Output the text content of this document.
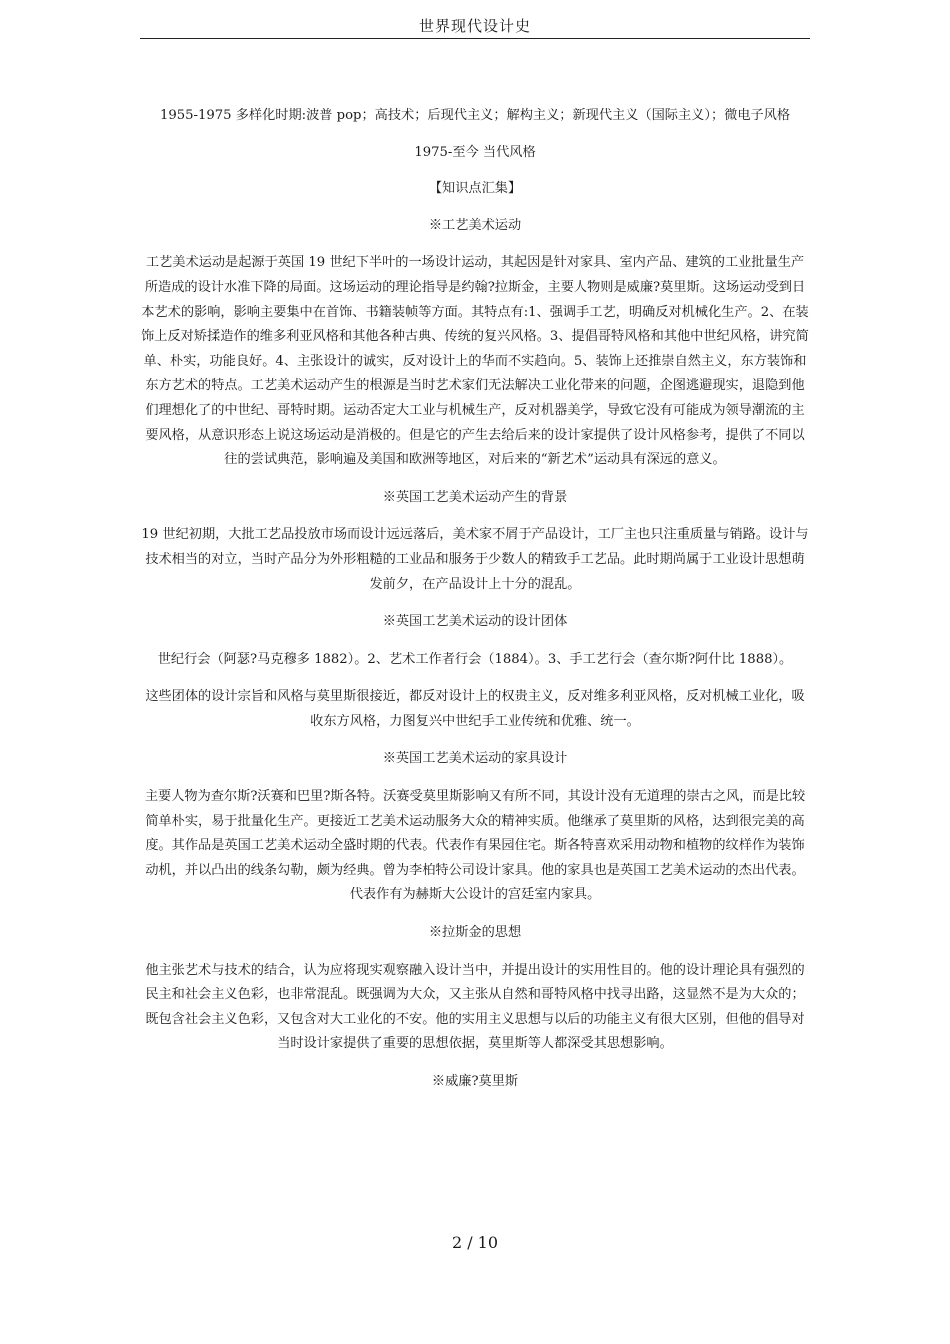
世界现代设计史

1955-1975 多样化时期:波普 pop；高技术；后现代主义；解构主义；新现代主义（国际主义）；微电子风格

1975-至今 当代风格

【知识点汇集】

※工艺美术运动

工艺美术运动是起源于英国 19 世纪下半叶的一场设计运动，其起因是针对家具、室内产品、建筑的工业批量生产所造成的设计水准下降的局面。这场运动的理论指导是约翰?拉斯金，主要人物则是威廉?莫里斯。这场运动受到日本艺术的影响，影响主要集中在首饰、书籍装帧等方面。其特点有:1、强调手工艺，明确反对机械化生产。2、在装饰上反对矫揉造作的维多利亚风格和其他各种古典、传统的复兴风格。3、提倡哥特风格和其他中世纪风格，讲究简单、朴实，功能良好。4、主张设计的诚实，反对设计上的华而不实趋向。5、装饰上还推崇自然主义，东方装饰和东方艺术的特点。工艺美术运动产生的根源是当时艺术家们无法解决工业化带来的问题，企图逃避现实，退隐到他们理想化了的中世纪、哥特时期。运动否定大工业与机械生产，反对机器美学，导致它没有可能成为领导潮流的主要风格，从意识形态上说这场运动是消极的。但是它的产生去给后来的设计家提供了设计风格参考，提供了不同以往的尝试典范，影响遍及美国和欧洲等地区，对后来的“新艺术”运动具有深远的意义。

※英国工艺美术运动产生的背景

19 世纪初期，大批工艺品投放市场而设计远远落后，美术家不屑于产品设计，工厂主也只注重质量与销路。设计与技术相当的对立，当时产品分为外形粗糙的工业品和服务于少数人的精致手工艺品。此时期尚属于工业设计思想萌发前夕，在产品设计上十分的混乱。

※英国工艺美术运动的设计团体

世纪行会（阿瑟?马克穆多 1882）。2、艺术工作者行会（1884）。3、手工艺行会（查尔斯?阿什比 1888）。

这些团体的设计宗旨和风格与莫里斯很接近，都反对设计上的权贵主义，反对维多利亚风格，反对机械工业化，吸收东方风格，力图复兴中世纪手工业传统和优雅、统一。

※英国工艺美术运动的家具设计

主要人物为查尔斯?沃赛和巴里?斯各特。沃赛受莫里斯影响又有所不同，其设计没有无道理的崇古之风，而是比较简单朴实，易于批量化生产。更接近工艺美术运动服务大众的精神实质。他继承了莫里斯的风格，达到很完美的高度。其作品是英国工艺美术运动全盛时期的代表。代表作有果园住宅。斯各特喜欢采用动物和植物的纹样作为装饰动机，并以凸出的线条勾勒，颇为经典。曾为李柏特公司设计家具。他的家具也是英国工艺美术运动的杰出代表。代表作有为赫斯大公设计的宫廷室内家具。

※拉斯金的思想

他主张艺术与技术的结合，认为应将现实观察融入设计当中，并提出设计的实用性目的。他的设计理论具有强烈的民主和社会主义色彩，也非常混乱。既强调为大众，又主张从自然和哥特风格中找寻出路，这显然不是为大众的；既包含社会主义色彩，又包含对大工业化的不安。他的实用主义思想与以后的功能主义有很大区别，但他的倡导对当时设计家提供了重要的思想依据，莫里斯等人都深受其思想影响。

※威廉?莫里斯

2 / 10
